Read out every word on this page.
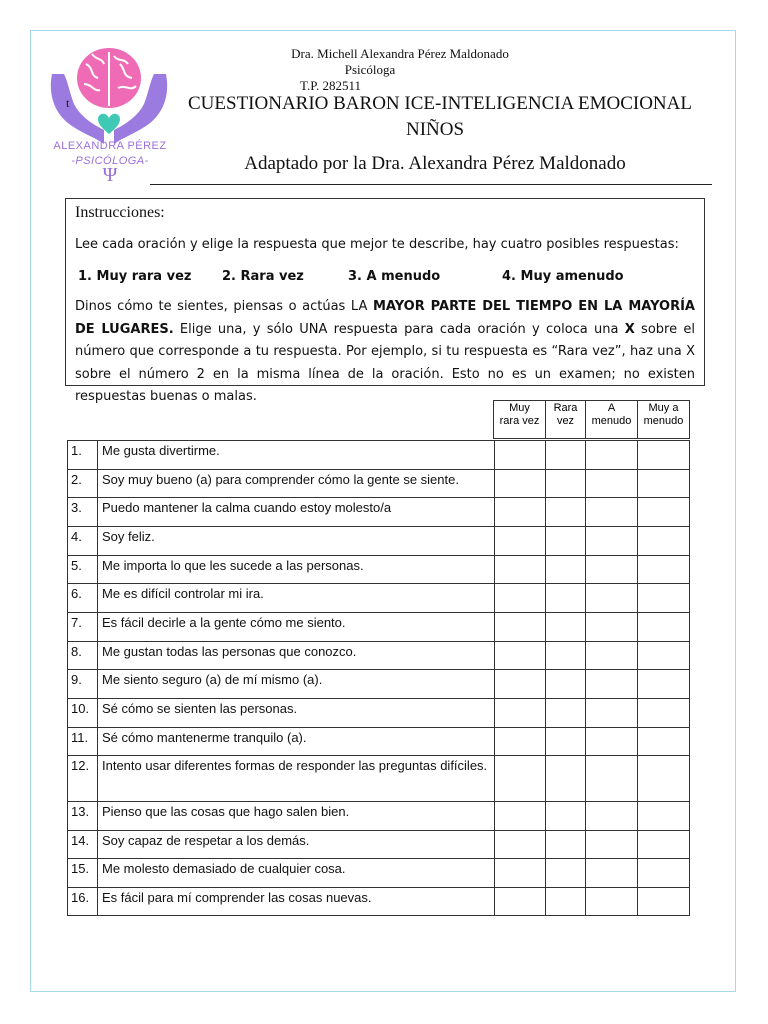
ALEXANDRA PÉREZ
-PSICÓLOGA-
Ψ
Dra. Michell Alexandra Pérez Maldonado
Psicóloga
T.P. 282511
t	CUESTIONARIO BARON ICE-INTELIGENCIA EMOCIONAL
NIÑOS
Adaptado por la Dra. Alexandra Pérez Maldonado
Instrucciones:
Lee cada oración y elige la respuesta que mejor te describe, hay cuatro posibles respuestas:
1. Muy rara vez 2. Rara vez	3. A menudo	4. Muy amenudo
Dinos cómo te sientes, piensas o actúas LA MAYOR PARTE DEL TIEMPO EN LA MAYORÍA DE LUGARES. Elige una, y sólo UNA respuesta para cada oración y coloca una X sobre el número que corresponde a tu respuesta. Por ejemplo, si tu respuesta es “Rara vez”, haz una X sobre el número 2 en la misma línea de la oración. Esto no es un examen; no existen respuestas buenas o malas.
Muy
rara vez	Rara
vez	A
menudo	Muy a
menudo
1.	Me gusta divertirme.				
2.	Soy muy bueno (a) para comprender cómo la gente se siente.				
3.	Puedo mantener la calma cuando estoy molesto/a				
4.	Soy feliz.				
5.	Me importa lo que les sucede a las personas.				
6.	Me es difícil controlar mi ira.				
7.	Es fácil decirle a la gente cómo me siento.				
8.	Me gustan todas las personas que conozco.				
9.	Me siento seguro (a) de mí mismo (a).				
10.	Sé cómo se sienten las personas.				
11.	Sé cómo mantenerme tranquilo (a).				
12.	Intento usar diferentes formas de responder las preguntas difíciles.				
13.	Pienso que las cosas que hago salen bien.				
14.	Soy capaz de respetar a los demás.				
15.	Me molesto demasiado de cualquier cosa.				
16.	Es fácil para mí comprender las cosas nuevas.				
